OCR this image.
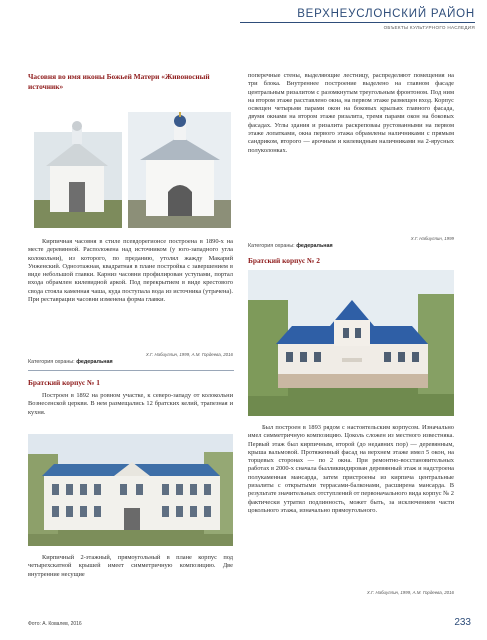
ВЕРХНЕУСЛОНСКИЙ РАЙОН
ОБЪЕКТЫ КУЛЬТУРНОГО НАСЛЕДИЯ
Часовня во имя иконы Божьей Матери «Живоносный источник»
Кирпичная часовня в стиле псевдорегионсе построена в 1890-х на месте деревянной. Расположена над источником (у юго-западного угла колокольни), из которого, по преданию, утолял жажду Макарий Унженский. Одноэтажная, квадратная в плане постройка с завершением в виде небольшой главки. Карниз часовни профилирован уступами, портал входа обрамлен килевидной аркой. Под перекрытием в виде крестового свода стояла каменная чаша, куда поступала вода из источника (утрачена). При реставрации часовни изменена форма главки.
Х.Г. Набиуллин, 1999, А.М. Гордеева, 2016
Категория охраны: федеральная
Братский корпус № 1
Построен в 1892 на ровном участке, к северо-западу от колокольни Вознесенской церкви. В нем размещались 12 братских келий, трапезная и кухня.
Кирпичный 2-этажный, прямоугольный в плане корпус под четырехскатной крышей имеет симметричную композицию. Две внутренние несущие
поперечные стены, выделяющие лестницу, распределяют помещения на три блока. Внутреннее построение выделено на главном фасаде центральным ризалитом с разомкнутым треугольным фронтоном. Под ним на втором этаже расставлено окна, на первом этаже размещен вход. Корпус освещен четырьмя парами окон на боковых крыльях главного фасада, двумя окнами на втором этаже ризалита, тремя парами окон на боковых фасадах. Углы здания и ризалита раскреповаы рустованными на первом этаже лопатками, окна первого этажа обрамлены наличниками с прямым сандриком, второго — арочным и килевидным наличниками на 2-ярусных полуколонках.
Х.Г. Набиуллин, 1999
Категория охраны: федеральная
Братский корпус № 2
Был построен в 1893 рядом с настоятельским корпусом. Изначально имел симметричную композицию. Цоколь сложен из местного известняка. Первый этаж был кирпичным, второй (до недавних пор) — деревянным, крыша вальмовой. Протяженный фасад на верхнем этаже имел 5 окон, на торцевых сторонах — по 2 окна. При ремонтно-восстановительных работах в 2000-х сначала былликвидирован деревянный этаж и надстроена полукаменная мансарда, затем пристроены из кирпича центральные ризалиты с открытыми террасами-балконами, расширена мансарда. В результате значительных отступлений от первоначального вида корпус № 2 фактически утратил подлинность, может быть, за исключением части цокольного этажа, изначально прямоугольного.
Х.Г. Набиуллин, 1999, А.М. Гордеева, 2016
Фото: А. Ковалев, 2016	233
